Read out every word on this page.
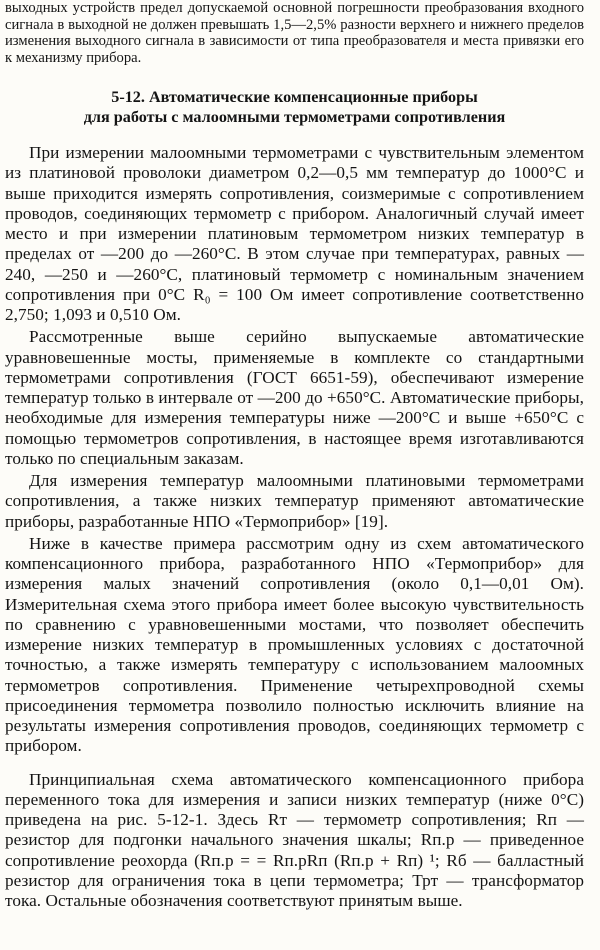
выходных устройств предел допускаемой основной погрешности преобразования входного сигнала в выходной не должен превышать 1,5—2,5% разности верхнего и нижнего пределов изменения выходного сигнала в зависимости от типа преобразователя и места привязки его к механизму прибора.

5-12. Автоматические компенсационные приборы
для работы с малоомными термометрами сопротивления

При измерении малоомными термометрами с чувствительным элементом из платиновой проволоки диаметром 0,2—0,5 мм температур до 1000°С и выше приходится измерять сопротивления, соизмеримые с сопротивлением проводов, соединяющих термометр с прибором. Аналогичный случай имеет место и при измерении платиновым термометром низких температур в пределах от —200 до —260°С. В этом случае при температурах, равных —240, —250 и —260°С, платиновый термометр с номинальным значением сопротивления при 0°С R₀ = 100 Ом имеет сопротивление соответственно 2,750; 1,093 и 0,510 Ом.

Рассмотренные выше серийно выпускаемые автоматические уравновешенные мосты, применяемые в комплекте со стандартными термометрами сопротивления (ГОСТ 6651-59), обеспечивают измерение температур только в интервале от —200 до +650°С. Автоматические приборы, необходимые для измерения температуры ниже —200°С и выше +650°С с помощью термометров сопротивления, в настоящее время изготавливаются только по специальным заказам.

Для измерения температур малоомными платиновыми термометрами сопротивления, а также низких температур применяют автоматические приборы, разработанные НПО «Термоприбор» [19].

Ниже в качестве примера рассмотрим одну из схем автоматического компенсационного прибора, разработанного НПО «Термоприбор» для измерения малых значений сопротивления (около 0,1—0,01 Ом). Измерительная схема этого прибора имеет более высокую чувствительность по сравнению с уравновешенными мостами, что позволяет обеспечить измерение низких температур в промышленных условиях с достаточной точностью, а также измерять температуру с использованием малоомных термометров сопротивления. Применение четырехпроводной схемы присоединения термометра позволило полностью исключить влияние на результаты измерения сопротивления проводов, соединяющих термометр с прибором.

Принципиальная схема автоматического компенсационного прибора переменного тока для измерения и записи низких температур (ниже 0°С) приведена на рис. 5-12-1. Здесь Rт — термометр сопротивления; Rп — резистор для подгонки начального значения шкалы; Rп.р — приведенное сопротивление реохорда (Rп.р = = Rп.рRп (Rп.р + Rп) ¹; Rб — балластный резистор для ограничения тока в цепи термометра; Трт — трансформатор тока. Остальные обозначения соответствуют принятым выше.
